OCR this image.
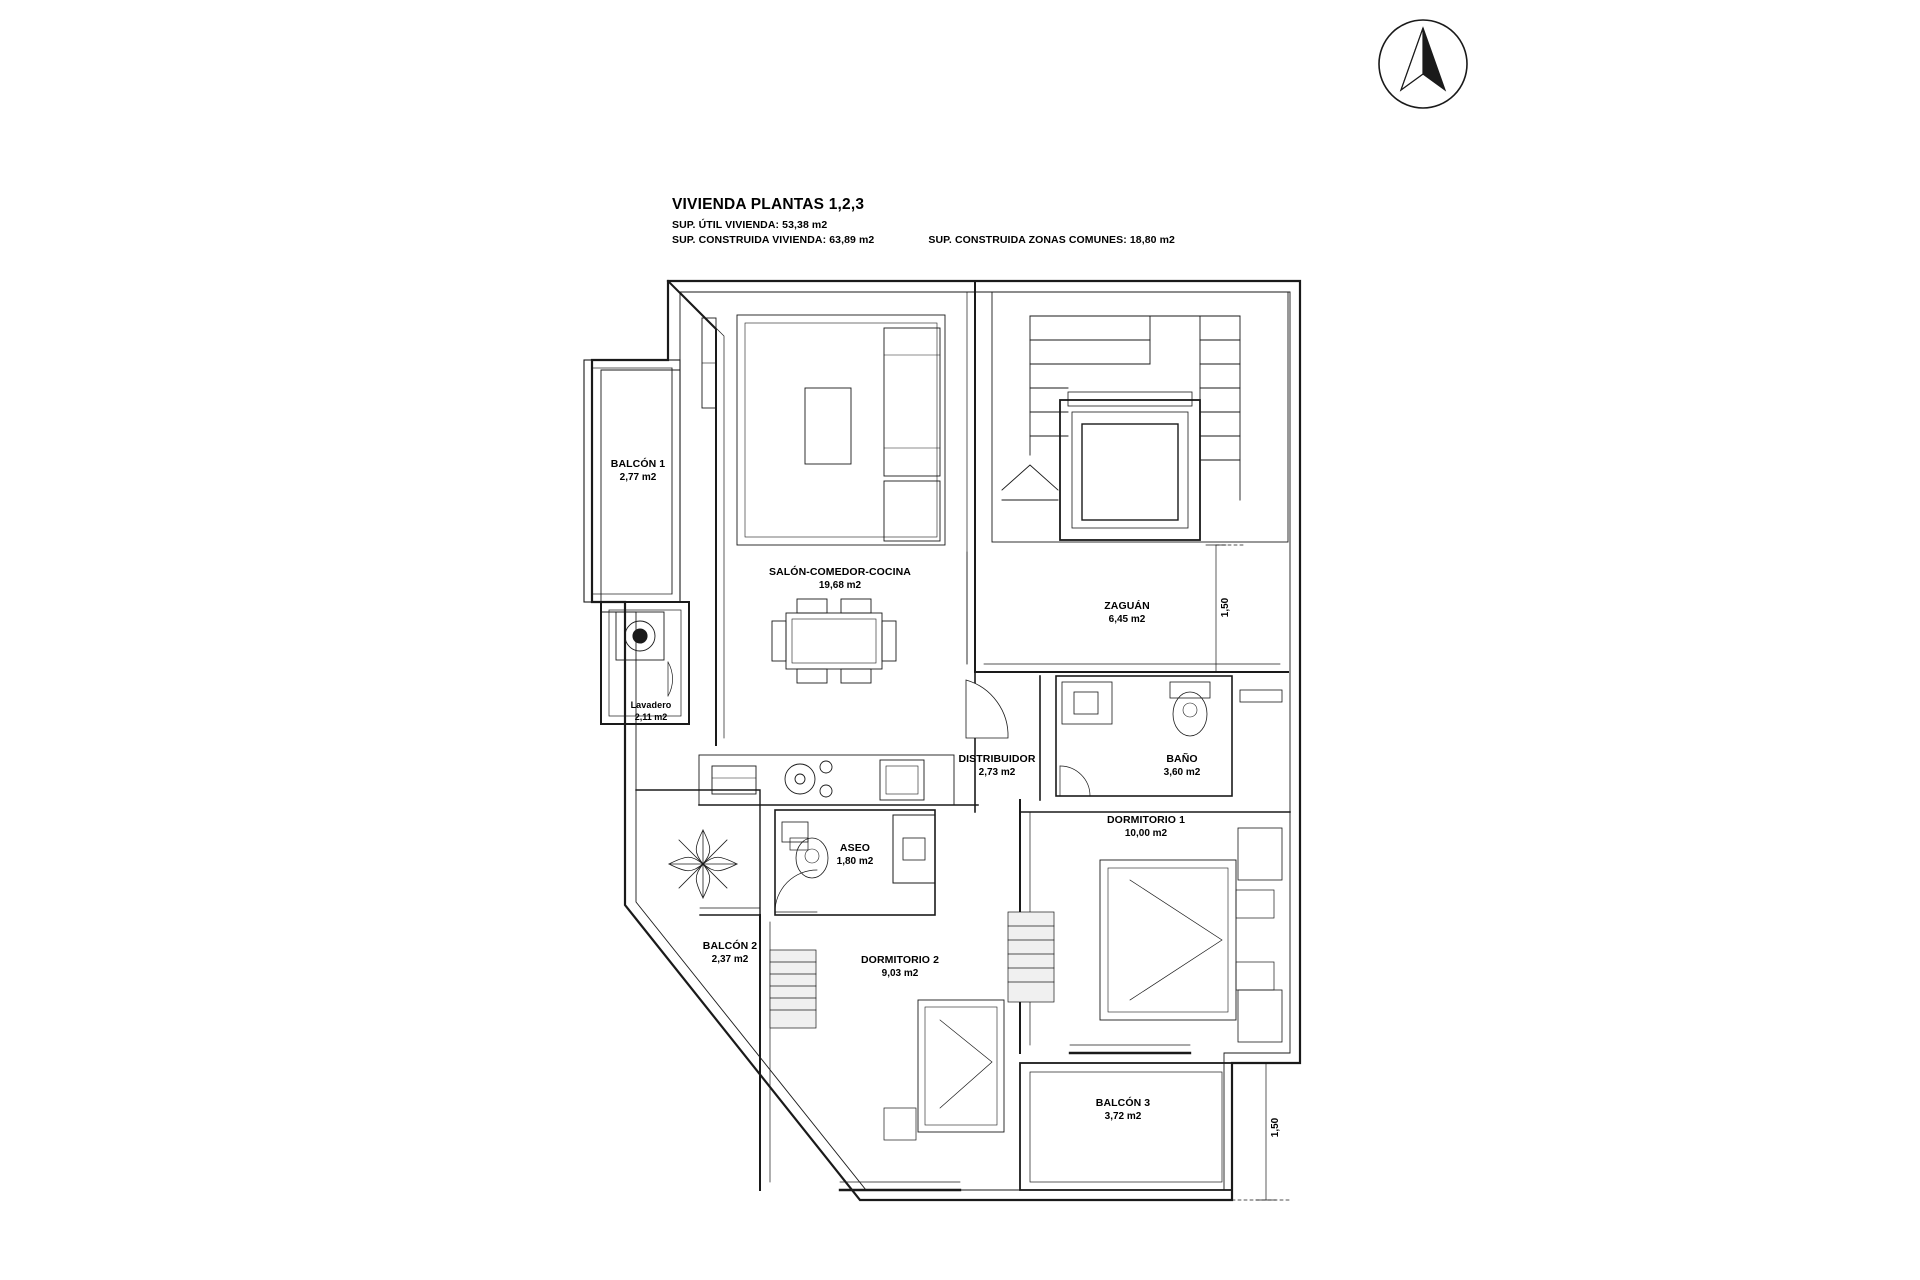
VIVIENDA PLANTAS 1,2,3
SUP. ÚTIL VIVIENDA: 53,38 m2
SUP. CONSTRUIDA VIVIENDA: 63,89 m2	SUP. CONSTRUIDA ZONAS COMUNES: 18,80 m2
BALCÓN 1
2,77 m2
SALÓN-COMEDOR-COCINA
19,68 m2
ZAGUÁN
6,45 m2
Lavadero
2,11 m2
DISTRIBUIDOR
2,73 m2
BAÑO
3,60 m2
ASEO
1,80 m2
DORMITORIO 1
10,00 m2
BALCÓN 2
2,37 m2	DORMITORIO 2
9,03 m2
BALCÓN 3
3,72 m2
1,50
1,50
